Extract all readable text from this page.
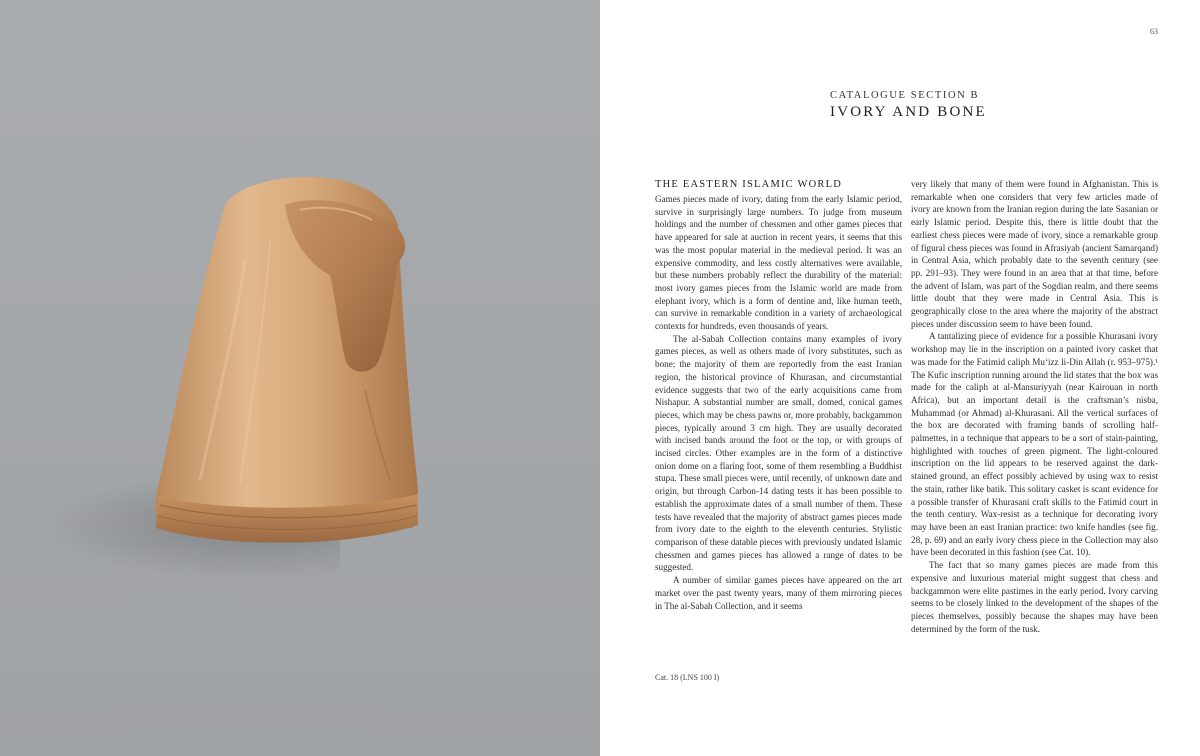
63
CATALOGUE SECTION B
IVORY AND BONE
THE EASTERN ISLAMIC WORLD

Games pieces made of ivory, dating from the early Islamic period, survive in surprisingly large numbers. To judge from museum holdings and the number of chessmen and other games pieces that have appeared for sale at auction in recent years, it seems that this was the most popular material in the medieval period. It was an expensive commodity, and less costly alternatives were available, but these numbers probably reflect the durability of the material: most ivory games pieces from the Islamic world are made from elephant ivory, which is a form of dentine and, like human teeth, can survive in remarkable condition in a variety of archaeological contexts for hundreds, even thousands of years.

The al-Sabah Collection contains many examples of ivory games pieces, as well as others made of ivory substitutes, such as bone; the majority of them are reportedly from the east Iranian region, the historical province of Khurasan, and circumstantial evidence suggests that two of the early acquisitions came from Nishapur. A substantial number are small, domed, conical games pieces, which may be chess pawns or, more probably, backgammon pieces, typically around 3 cm high. They are usually decorated with incised bands around the foot or the top, or with groups of incised circles. Other examples are in the form of a distinctive onion dome on a flaring foot, some of them resembling a Buddhist stupa. These small pieces were, until recently, of unknown date and origin, but through Carbon-14 dating tests it has been possible to establish the approximate dates of a small number of them. These tests have revealed that the majority of abstract games pieces made from ivory date to the eighth to the eleventh centuries. Stylistic comparison of these datable pieces with previously undated Islamic chessmen and games pieces has allowed a range of dates to be suggested.

A number of similar games pieces have appeared on the art market over the past twenty years, many of them mirroring pieces in The al-Sabah Collection, and it seems

very likely that many of them were found in Afghanistan. This is remarkable when one considers that very few articles made of ivory are known from the Iranian region during the late Sasanian or early Islamic period. Despite this, there is little doubt that the earliest chess pieces were made of ivory, since a remarkable group of figural chess pieces was found in Afrasiyab (ancient Samarqand) in Central Asia, which probably date to the seventh century (see pp. 291–93). They were found in an area that at that time, before the advent of Islam, was part of the Sogdian realm, and there seems little doubt that they were made in Central Asia. This is geographically close to the area where the majority of the abstract pieces under discussion seem to have been found.

A tantalizing piece of evidence for a possible Khurasani ivory workshop may lie in the inscription on a painted ivory casket that was made for the Fatimid caliph Mu‘izz li-Din Allah (r. 953–975).¹ The Kufic inscription running around the lid states that the box was made for the caliph at al-Mansuriyyah (near Kairouan in north Africa), but an important detail is the craftsman’s nisba, Muhammad (or Ahmad) al-Khurasani. All the vertical surfaces of the box are decorated with framing bands of scrolling half-palmettes, in a technique that appears to be a sort of stain-painting, highlighted with touches of green pigment. The light-coloured inscription on the lid appears to be reserved against the dark-stained ground, an effect possibly achieved by using wax to resist the stain, rather like batik. This solitary casket is scant evidence for a possible transfer of Khurasani craft skills to the Fatimid court in the tenth century. Wax-resist as a technique for decorating ivory may have been an east Iranian practice: two knife handles (see fig. 28, p. 69) and an early ivory chess piece in the Collection may also have been decorated in this fashion (see Cat. 10).

The fact that so many games pieces are made from this expensive and luxurious material might suggest that chess and backgammon were elite pastimes in the early period. Ivory carving seems to be closely linked to the development of the shapes of the pieces themselves, possibly because the shapes may have been determined by the form of the tusk.

Cat. 18 (LNS 100 I)
